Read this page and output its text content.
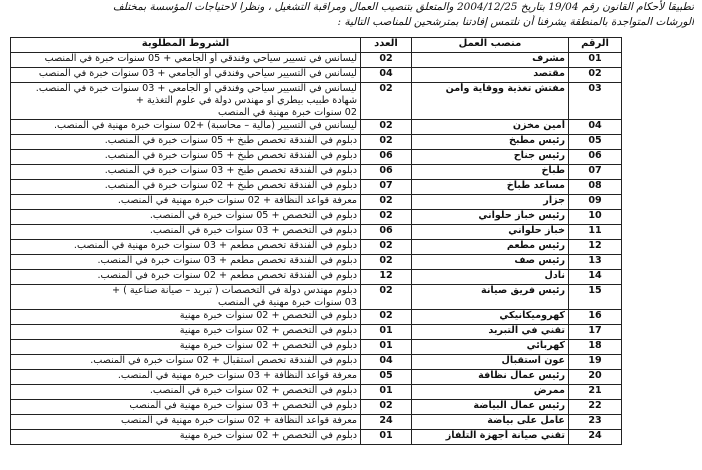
تطبيقا لأحكام القانون رقم 19/04 بتاريخ 2004/12/25 والمتعلق بتنصيب العمال ومراقبة التشغيل ، ونظرا لاحتياجات المؤسسة بمختلف
الورشات المتواجدة بالمنطقة يشرفنا أن نلتمس إفادتنا بمترشحين للمناصب التالية :
الرقم	منصب العمل	العدد	الشروط المطلوبة
01	مشرف	02	ليسانس في تسيير سياحي وفندقي أو الجامعي + 05 سنوات خبرة في المنصب

02	مقتصد	04	ليسانس في التسيير سياحي وفندقي أو الجامعي + 03 سنوات خبرة في المنصب

03	مفتش تغذية ووقاية وأمن	02	ليسانس في التسيير سياحي وفندقي أو الجامعي + 03 سنوات خبرة في المنصب.
شهادة طبيب بيطري أو مهندس دولة في علوم التغذية +
02 سنوات خبرة مهنية في المنصب

04	أمين مخزن	02	ليسانس في التسيير (مالية – محاسبة) +02 سنوات خبرة مهنية في المنصب.

05	رئيس مطبخ	02	دبلوم في الفندقة تخصص طبخ + 05 سنوات خبرة في المنصب.

06	رئيس جناح	06	دبلوم في الفندقة تخصص طبخ + 05 سنوات خبرة في المنصب.

07	طباخ	06	دبلوم في الفندقة تخصص طبخ + 03 سنوات خبرة في المنصب.

08	مساعد طباخ	07	دبلوم في الفندقة تخصص طبخ + 02 سنوات خبرة في المنصب.

09	جزار	02	معرفة قواعد النظافة + 02 سنوات خبرة مهنية في المنصب.

10	رئيس خباز حلواني	02	دبلوم في التخصص + 05 سنوات خبرة في المنصب.

11	خباز حلواني	06	دبلوم في التخصص + 03 سنوات خبرة في المنصب.

12	رئيس مطعم	02	دبلوم في الفندقة تخصص مطعم + 03 سنوات خبرة مهنية في المنصب.

13	رئيس صف	02	دبلوم في الفندقة تخصص مطعم + 03 سنوات خبرة في المنصب.

14	نادل	12	دبلوم في الفندقة تخصص مطعم + 02 سنوات خبرة في المنصب.

15	رئيس فريق صيانة	02	دبلوم مهندس دولة في التخصصات ( تبريد – صيانة صناعية ) +
03 سنوات خبرة مهنية في المنصب

16	كهروميكانيكي	02	دبلوم في التخصص + 02 سنوات خبرة مهنية

17	تقني في التبريد	01	دبلوم في التخصص + 02 سنوات خبرة مهنية

18	كهربائي	01	دبلوم في التخصص + 02 سنوات خبرة مهنية

19	عون استقبال	04	دبلوم في الفندقة تخصص استقبال + 02 سنوات خبرة في المنصب.

20	رئيس عمال نظافة	05	معرفة قواعد النظافة + 03 سنوات خبرة مهنية في المنصب.

21	ممرض	01	دبلوم في التخصص + 02 سنوات خبرة في المنصب.

22	رئيس عمال البياضة	02	دبلوم في التخصص + 03 سنوات خبرة مهنية في المنصب

23	عامل على بياضة	24	معرفة قواعد النظافة + 02 سنوات خبرة مهنية في المنصب

24	تقني صيانة أجهزة التلفاز	01	دبلوم في التخصص + 02 سنوات خبرة مهنية
